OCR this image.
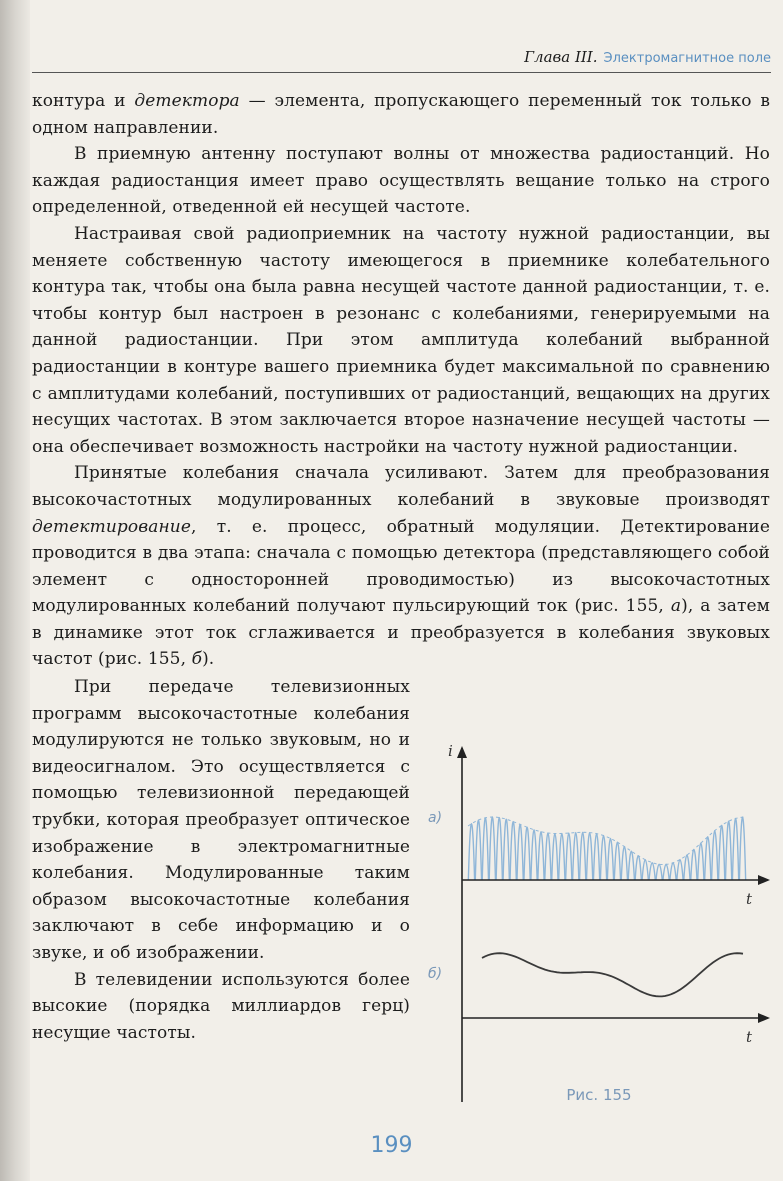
Глава III. Электромагнитное поле

контура и детектора — элемента, пропускающего переменный ток только в одном направлении.

В приемную антенну поступают волны от множества радиостанций. Но каждая радиостанция имеет право осуществлять вещание только на строго определенной, отведенной ей несущей частоте.

Настраивая свой радиоприемник на частоту нужной радиостанции, вы меняете собственную частоту имеющегося в приемнике колебательного контура так, чтобы она была равна несущей частоте данной радиостанции, т. е. чтобы контур был настроен в резонанс с колебаниями, генерируемыми на данной радиостанции. При этом амплитуда колебаний выбранной радиостанции в контуре вашего приемника будет максимальной по сравнению с амплитудами колебаний, поступивших от радиостанций, вещающих на других несущих частотах. В этом заключается второе назначение несущей частоты — она обеспечивает возможность настройки на частоту нужной радиостанции.

Принятые колебания сначала усиливают. Затем для преобразования высокочастотных модулированных колебаний в звуковые производят детектирование, т. е. процесс, обратный модуляции. Детектирование проводится в два этапа: сначала с помощью детектора (представляющего собой элемент с односторонней проводимостью) из высокочастотных модулированных колебаний получают пульсирующий ток (рис. 155, а), а затем в динамике этот ток сглаживается и преобразуется в колебания звуковых частот (рис. 155, б).

При передаче телевизионных программ высокочастотные колебания модулируются не только звуковым, но и видеосигналом. Это осуществляется с помощью телевизионной передающей трубки, которая преобразует оптическое изображение в электромагнитные колебания. Модулированные таким образом высокочастотные колебания заключают в себе информацию и о звуке, и об изображении.

В телевидении используются более высокие (порядка миллиардов герц) несущие частоты.

i
а)
t
б)
t
Рис. 155
199
